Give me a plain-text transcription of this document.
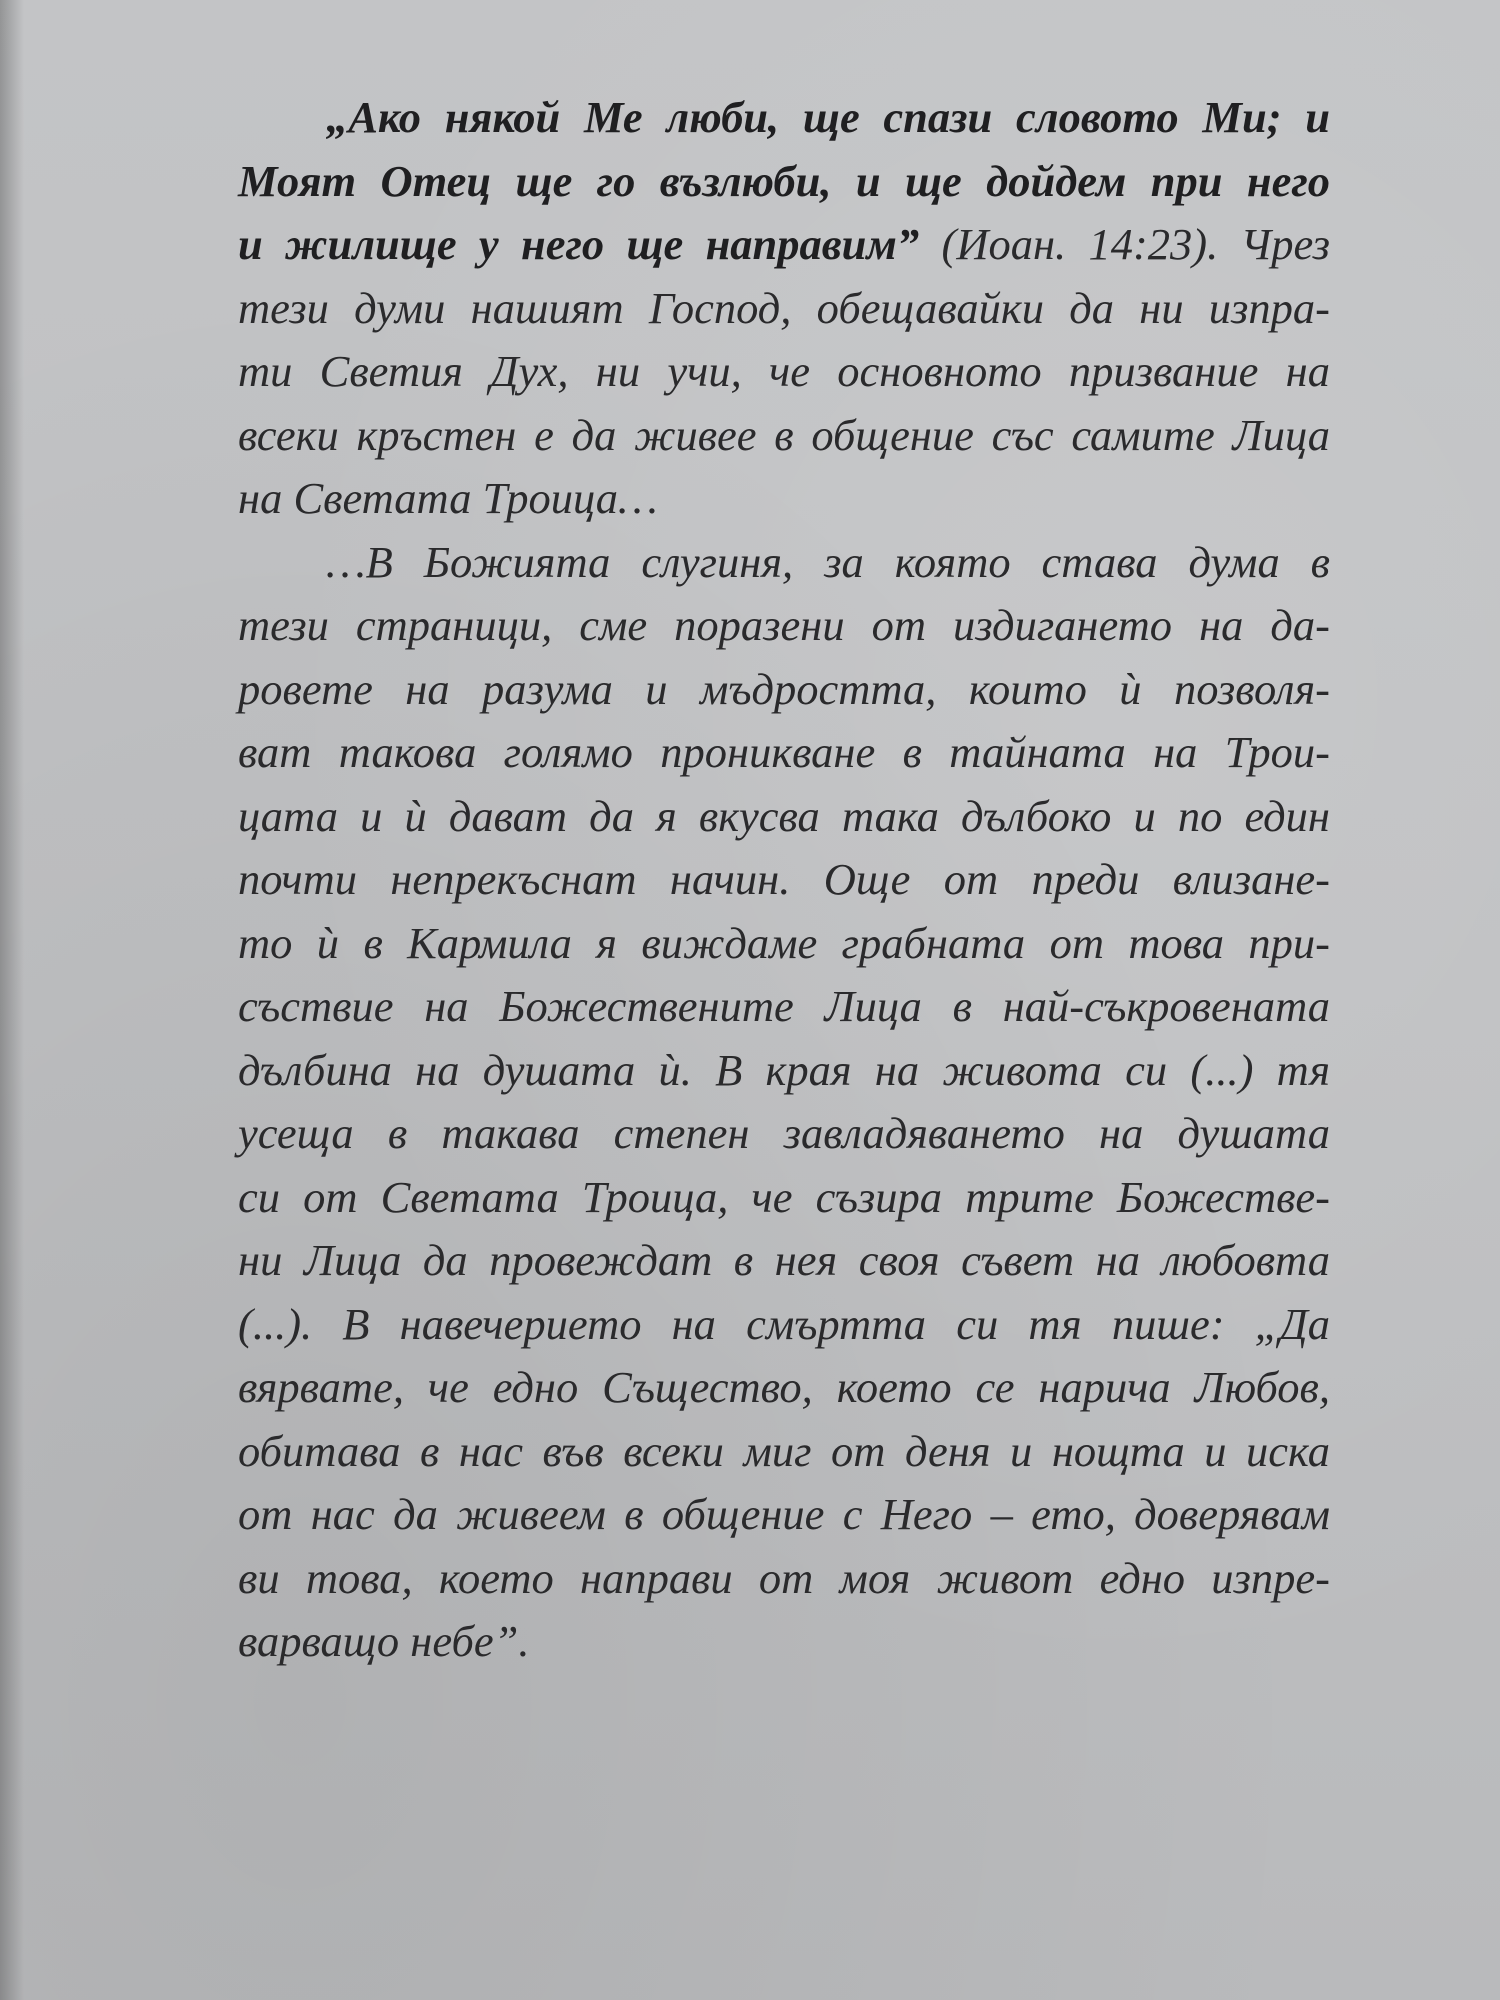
„Ако някой Ме люби, ще спази словото Ми; и
Моят Отец ще го възлюби, и ще дойдем при него
и жилище у него ще направим” (Иоан. 14:23). Чрез
тези думи нашият Господ, обещавайки да ни изпра-
ти Светия Дух, ни учи, че основното призвание на
всеки кръстен е да живее в общение със самите Лица
на Светата Троица…
…В Божията слугиня, за която става дума в
тези страници, сме поразени от издигането на да-
ровете на разума и мъдростта, които ѝ позволя-
ват такова голямо проникване в тайната на Трои-
цата и ѝ дават да я вкусва така дълбоко и по един
почти непрекъснат начин. Още от преди влизане-
то ѝ в Кармила я виждаме грабната от това при-
съствие на Божествените Лица в най-съкровената
дълбина на душата ѝ. В края на живота си (...) тя
усеща в такава степен завладяването на душата
си от Светата Троица, че съзира трите Божестве-
ни Лица да провеждат в нея своя съвет на любовта
(...). В навечерието на смъртта си тя пише: „Да
вярвате, че едно Същество, което се нарича Любов,
обитава в нас във всеки миг от деня и нощта и иска
от нас да живеем в общение с Него – ето, доверявам
ви това, което направи от моя живот едно изпре-
варващо небе”.
